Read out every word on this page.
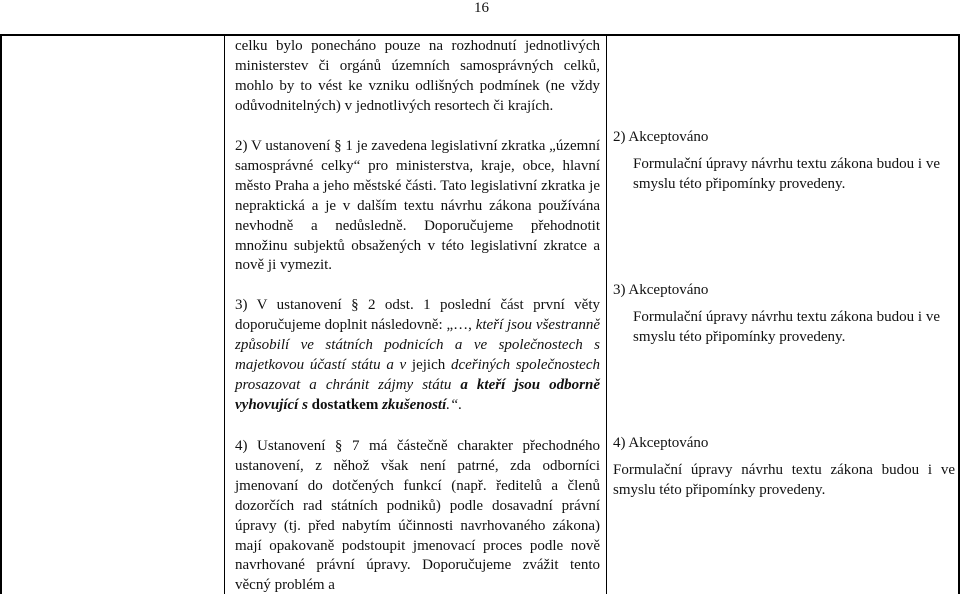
16

celku bylo ponecháno pouze na rozhodnutí jednotlivých ministerstev či orgánů územních samosprávných celků, mohlo by to vést ke vzniku odlišných podmínek (ne vždy odůvodnitelných) v jednotlivých resortech či krajích.

2) V ustanovení § 1 je zavedena legislativní zkratka „územní samosprávné celky“ pro ministerstva, kraje, obce, hlavní město Praha a jeho městské části. Tato legislativní zkratka je nepraktická a je v dalším textu návrhu zákona používána nevhodně a nedůsledně. Doporučujeme přehodnotit množinu subjektů obsažených v této legislativní zkratce a nově ji vymezit.

3) V ustanovení § 2 odst. 1 poslední část první věty doporučujeme doplnit následovně: „…, kteří jsou všestranně způsobilí ve státních podnicích a ve společnostech s majetkovou účastí státu a v jejich dceřiných společnostech prosazovat a chránit zájmy státu a kteří jsou odborně vyhovující s dostatkem zkušeností.“.

4) Ustanovení § 7 má částečně charakter přechodného ustanovení, z něhož však není patrné, zda odborníci jmenovaní do dotčených funkcí (např. ředitelů a členů dozorčích rad státních podniků) podle dosavadní právní úpravy (tj. před nabytím účinnosti navrhovaného zákona) mají opakovaně podstoupit jmenovací proces podle nově navrhované právní úpravy. Doporučujeme zvážit tento věcný problém a

2) Akceptováno

Formulační úpravy návrhu textu zákona budou i ve smyslu této připomínky provedeny.

3) Akceptováno

Formulační úpravy návrhu textu zákona budou i ve smyslu této připomínky provedeny.

4) Akceptováno

Formulační úpravy návrhu textu zákona budou i ve smyslu této připomínky provedeny.
